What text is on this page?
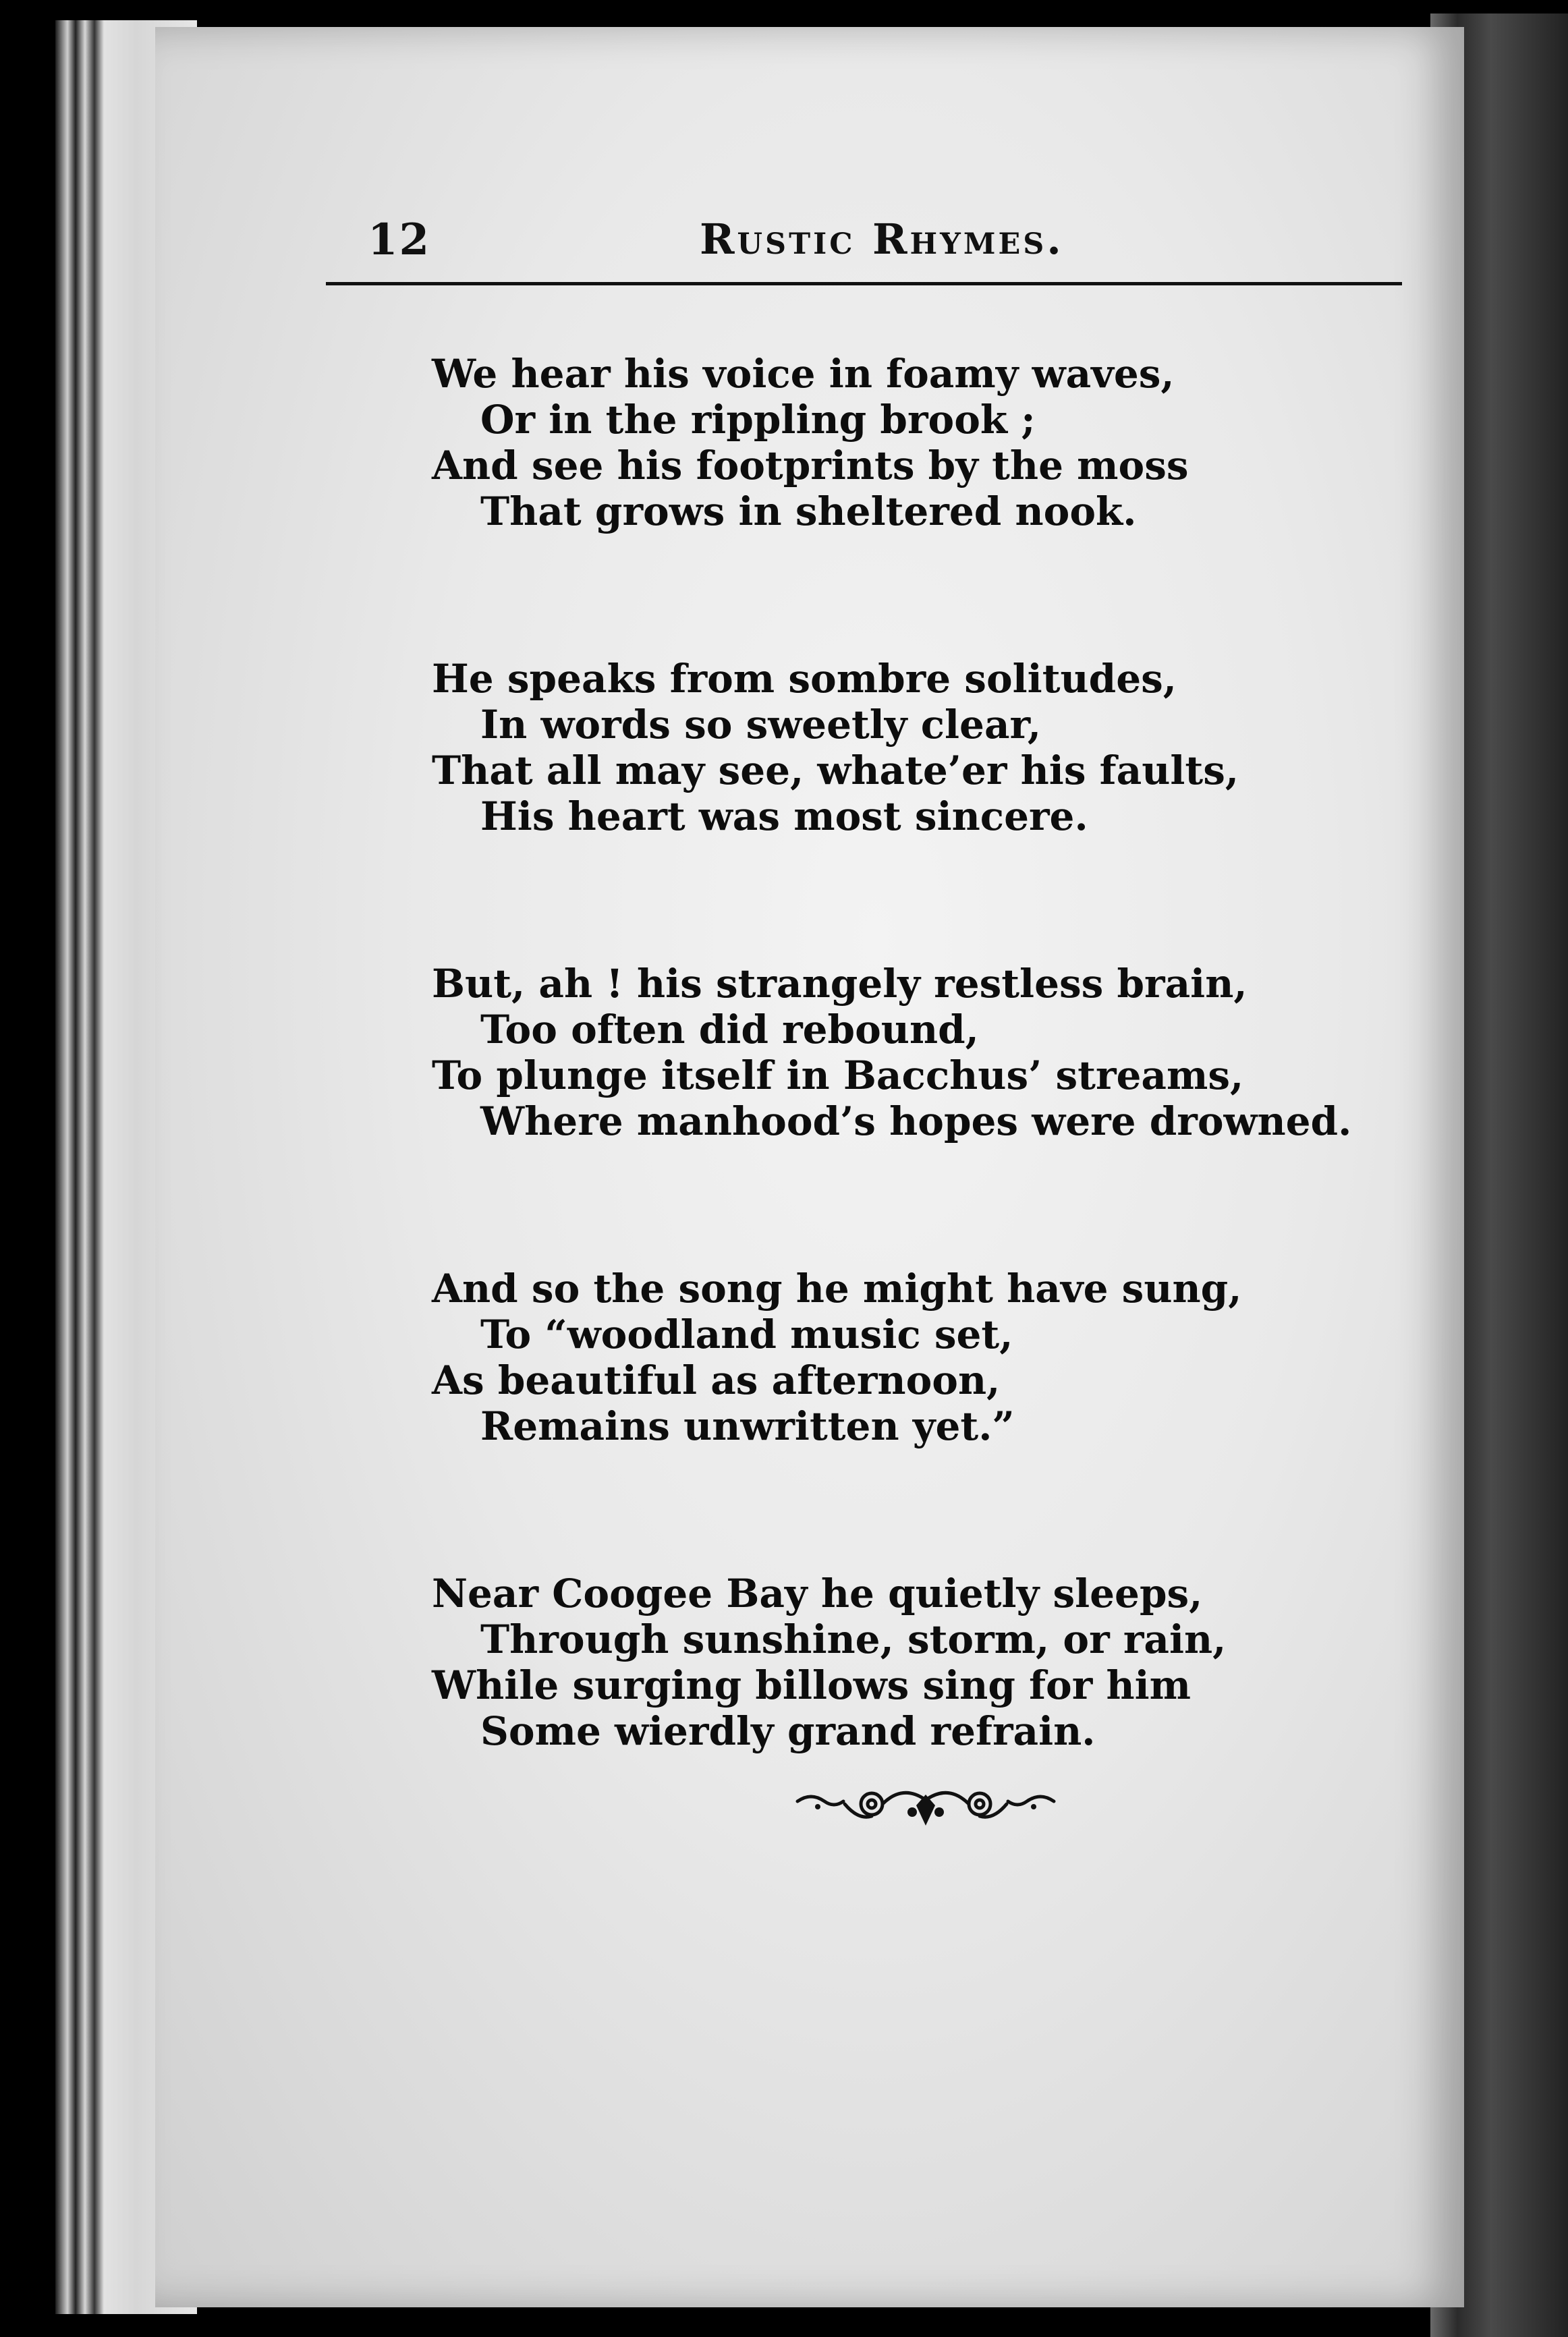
12	Rustic Rhymes.
We hear his voice in foamy waves,
Or in the rippling brook ;
And see his footprints by the moss
That grows in sheltered nook.
He speaks from sombre solitudes,
In words so sweetly clear,
That all may see, whate’er his faults,
His heart was most sincere.
But, ah ! his strangely restless brain,
Too often did rebound,
To plunge itself in Bacchus’ streams,
Where manhood’s hopes were drowned.
And so the song he might have sung,
To “woodland music set,
As beautiful as afternoon,
Remains unwritten yet.”
Near Coogee Bay he quietly sleeps,
Through sunshine, storm, or rain,
While surging billows sing for him
Some wierdly grand refrain.
